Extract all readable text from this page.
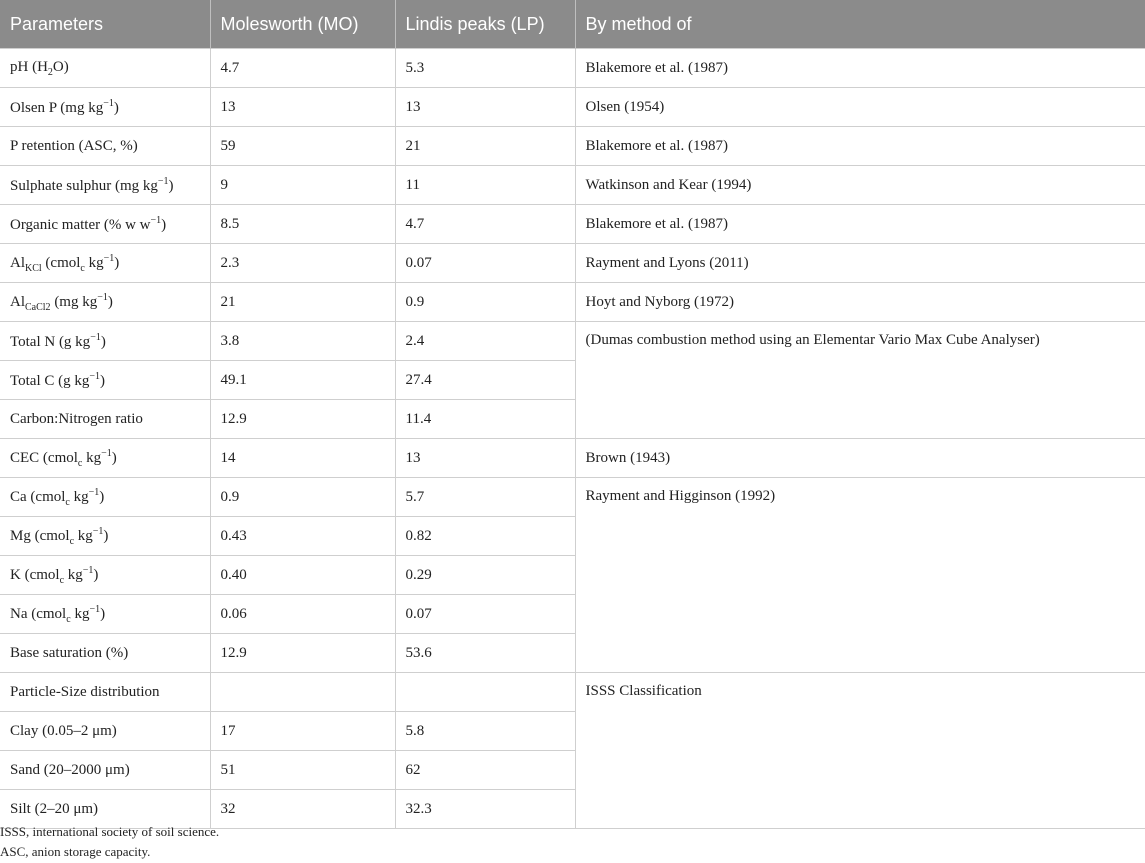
Parameters	Molesworth (MO)	Lindis peaks (LP)	By method of
pH $(H_2O)$	4.7	5.3	Blakemore et al. (1987)
Olsen P (mg $kg^{-1}$)	13	13	Olsen (1954)
P retention (ASC, %)	59	21	Blakemore et al. (1987)
Sulphate sulphur (mg $kg^{-1}$)	9	11	Watkinson and Kear (1994)
Organic matter (% w $w^{-1}$)	8.5	4.7	Blakemore et al. (1987)
$Al_{KCl}$ (cmol$_c$ $kg^{-1}$)	2.3	0.07	Rayment and Lyons (2011)
$Al_{CaCl2}$ (mg $kg^{-1}$)	21	0.9	Hoyt and Nyborg (1972)
Total N (g $kg^{-1}$)	3.8	2.4	(Dumas combustion method using an Elementar Vario Max Cube Analyser)
Total C (g $kg^{-1}$)	49.1	27.4	
Carbon:Nitrogen ratio	12.9	11.4	
CEC (cmol$_c$ $kg^{-1}$)	14	13	Brown (1943)
Ca (cmol$_c$ $kg^{-1}$)	0.9	5.7	Rayment and Higginson (1992)
Mg (cmol$_c$ $kg^{-1}$)	0.43	0.82	
K (cmol$_c$ $kg^{-1}$)	0.40	0.29	
Na (cmol$_c$ $kg^{-1}$)	0.06	0.07	
Base saturation (%)	12.9	53.6	
Particle-Size distribution			ISSS Classification
Clay (0.05–2 μm)	17	5.8	
Sand (20–2000 μm)	51	62	
Silt (2–20 μm)	32	32.3	
ISSS, international society of soil science.
ASC, anion storage capacity.
